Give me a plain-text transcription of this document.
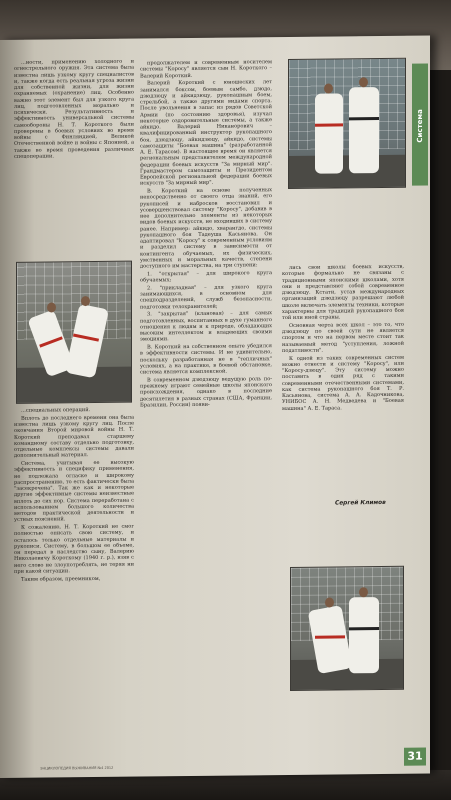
...ности, применению холодного и огнестрельного оружия. Эта система была известна лишь узкому кругу специалистов и, также когда есть реальная угроза жизни для собственной жизни, для жизни охраняемых (охранение) лиц. Особенно важно этот элемент был для узкого круга лиц, подготовленных морально и психически. Результативность и эффективность универсальной системы самообороны Н. Т. Короткого были проверены в боевых условиях во время войны с Финляндией, Великой Отечественной войне и войны с Японией, а также во время проведения различных спецоперации.

...специальных операций.

Вплоть до последнего времени она была известна лишь узкому кругу лиц. После окончания Второй мировой войны Н. Т. Короткий преподавал старшему командному составу отдельно подготовку, отдельные комплексы системы давали дополнительный материал.

Система, учитывая ее высокую эффективность и специфику применения, не подлежала огласке и широкому распространению, то есть фактически была "засекречена". Так же как и некоторые другие эффективные системы неизвестные вплоть до сих пор. Система переработана с использованием большого количества методов практической деятельности и устных пояснений.

К сожалению, Н. Т. Короткий не смог полностью описать свою систему, и осталось только отдельные материалы и рукописи. Систему, в большом ее объеме, он передал в наследство сыну, Валерию Николаевичу Короткому (1940 г. р.), взяв с него слово не злоупотреблять, не теряя ни при какой ситуации.

Таким образом, преемником,

продолжателем и современным носителем системы "Коросу" является сын Н. Короткого – Валерий Короткий.

Валерий Короткий с юношеских лет занимался боксом, боевым самбо, дзюдо, дзюдзюцу и айкидзюцу, рукопашным боем, стрельбой, а также другими видами спорта. После увольнения в запас из рядов Советской Армии (по состоянию здоровья), изучал некоторые оздоровительные системы, а также айкидо. Валерий Никанорович – квалифицированный инструктор рукопашного боя, дзюдзюцу, айкидзюцу, айкидо, системы самозащиты "Боевая машина" (разработанной А. Е. Тарасом). В настоящее время он является региональным представителем международной федерации боевых искусств "За мирный мир". Грандмастером самозащиты и Президентом Европейской региональной федерации боевых искусств "За мирный мир".

В. Короткий на основе полученных непосредственно от своего отца знаний, его рукописей и набросков восстановил и усовершенствовал систему "Коросу", добавив в нее дополнительно элементы из некоторых видов боевых искусств, не входивших в систему ранее. Например: айкидо, хварангдо, системы рукопашного боя Тадеуша Касьянова. Он адаптировал "Коросу" к современным условиям и разделил систему в зависимости от контингента обучаемых, их физических, умственных и моральных качеств, степени доступного им мастерства, на три ступени:

1. "открытая" – для широкого круга обучаемых;

2. "прикладная" – для узкого круга занимающихся, в основном для спецподразделений, служб безопасности, подготовки телохранителей;

3. "закрытая" (клановая) – для самых подготовленных, воспитанных в духе гуманного отношения к людям и к природе, обладающих высоким интеллектом и владеющих своими эмоциями.

В. Короткий на собственном опыте убедился в эффективности системы. И не удивительно, поскольку разработанная не в "тепличных" условиях, а на практике, в боевой обстановке, система является комплексной.

В современном дзюдзюцу ведущую роль по-прежнему играют семейные школы японского происхождения, однако в последние десятилетия в разных странах (США, Франции, Бразилии, России) появи-

лись свои школы боевых искусств, которые формально не связаны с традиционными японскими школами, хотя они и представляют собой современное дзюдзюцу. Кстати, устав международных организаций дзюдзюцу разрешают любой школе включать элементы техники, которые характерны для традиций рукопашного боя той или иной страны.

Основная черта всех школ – это то, что дзюдзюцу по своей сути не является спортом и что на первом месте стоит так называемый метод "уступления, ложной податливости".

К одной из таких современных систем можно отнести и систему "Коросу", или "Коросу-дзюцу". Эту систему можно поставить в один ряд с такими современными отечественными системами, как система рукопашного боя Т. Р. Касьянова, система А. А. Кадочникова, УНИБОС А. Н. Медведева и "Боевая машина" А. Е. Тараса.

Сергей Климов
Система
31
ЭНЦИКЛОПЕДИЯ ВЫЖИВАНИЯ №4 2012
